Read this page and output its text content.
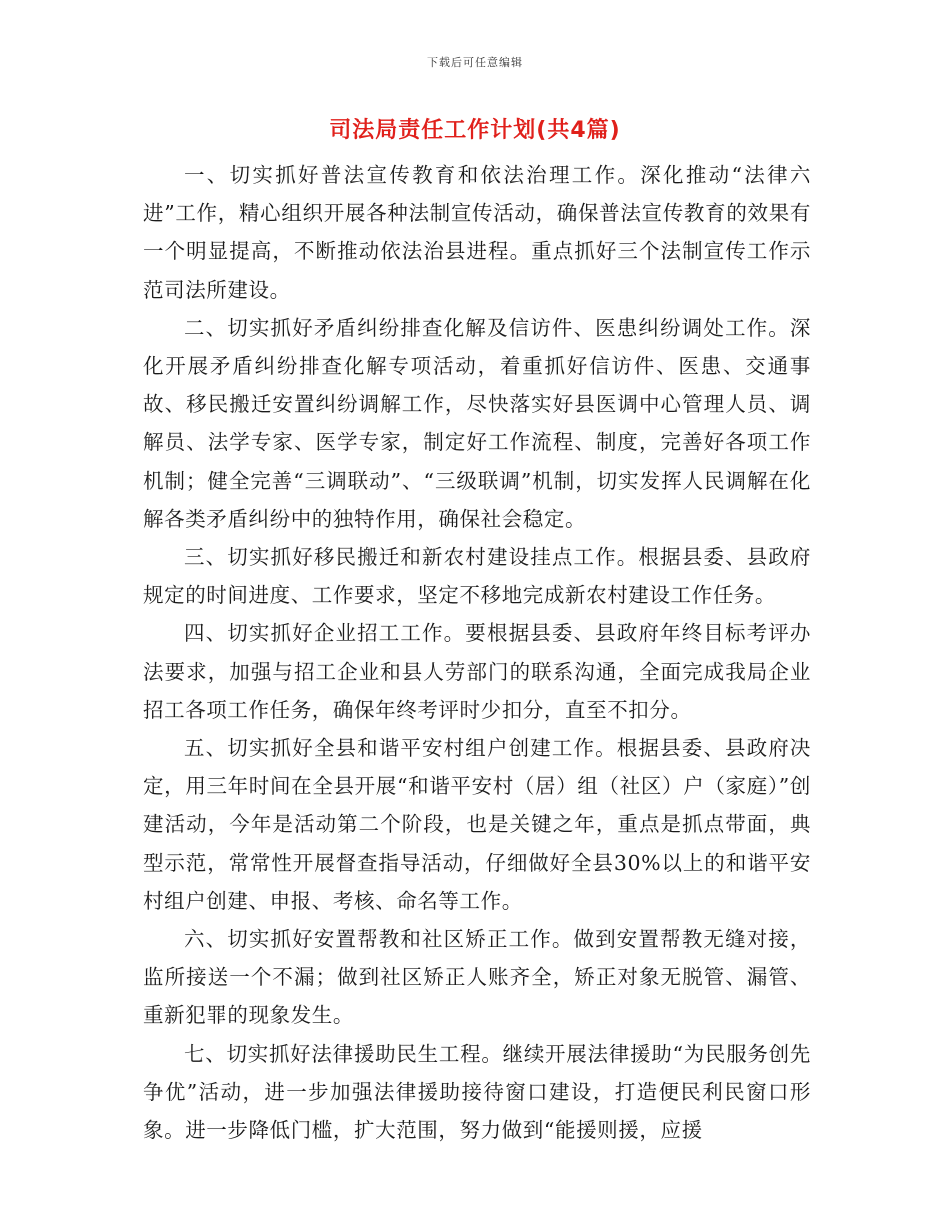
下载后可任意编辑
司法局责任工作计划(共4篇)

一、切实抓好普法宣传教育和依法治理工作。深化推动“法律六进”工作，精心组织开展各种法制宣传活动，确保普法宣传教育的效果有一个明显提高，不断推动依法治县进程。重点抓好三个法制宣传工作示范司法所建设。

二、切实抓好矛盾纠纷排查化解及信访件、医患纠纷调处工作。深化开展矛盾纠纷排查化解专项活动，着重抓好信访件、医患、交通事故、移民搬迁安置纠纷调解工作，尽快落实好县医调中心管理人员、调解员、法学专家、医学专家，制定好工作流程、制度，完善好各项工作机制；健全完善“三调联动”、“三级联调”机制，切实发挥人民调解在化解各类矛盾纠纷中的独特作用，确保社会稳定。

三、切实抓好移民搬迁和新农村建设挂点工作。根据县委、县政府规定的时间进度、工作要求，坚定不移地完成新农村建设工作任务。

四、切实抓好企业招工工作。要根据县委、县政府年终目标考评办法要求，加强与招工企业和县人劳部门的联系沟通，全面完成我局企业招工各项工作任务，确保年终考评时少扣分，直至不扣分。

五、切实抓好全县和谐平安村组户创建工作。根据县委、县政府决定，用三年时间在全县开展“和谐平安村（居）组（社区）户（家庭）”创建活动，今年是活动第二个阶段，也是关键之年，重点是抓点带面，典型示范，常常性开展督查指导活动，仔细做好全县30%以上的和谐平安村组户创建、申报、考核、命名等工作。

六、切实抓好安置帮教和社区矫正工作。做到安置帮教无缝对接，监所接送一个不漏；做到社区矫正人账齐全，矫正对象无脱管、漏管、重新犯罪的现象发生。

七、切实抓好法律援助民生工程。继续开展法律援助“为民服务创先争优”活动，进一步加强法律援助接待窗口建设，打造便民利民窗口形象。进一步降低门槛，扩大范围，努力做到“能援则援，应援
